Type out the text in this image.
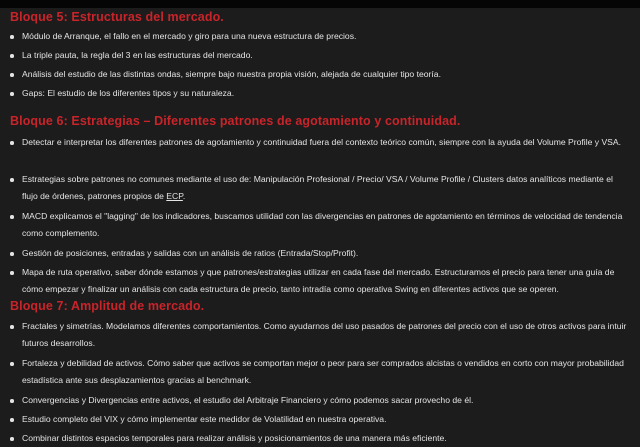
Bloque 5: Estructuras del mercado.

Módulo de Arranque, el fallo en el mercado y giro para una nueva estructura de precios.

La triple pauta, la regla del 3 en las estructuras del mercado.

Análisis del estudio de las distintas ondas, siempre bajo nuestra propia visión, alejada de cualquier tipo teoría.

Gaps: El estudio de los diferentes tipos y su naturaleza.

Bloque 6: Estrategias – Diferentes patrones de agotamiento y continuidad.

Detectar e interpretar los diferentes patrones de agotamiento y continuidad fuera del contexto teórico común, siempre con la ayuda del Volume Profile y VSA.

Estrategias sobre patrones no comunes mediante el uso de: Manipulación Profesional / Precio/ VSA / Volume Profile / Clusters datos analíticos mediante el flujo de órdenes, patrones propios de ECP.

MACD explicamos el "lagging" de los indicadores, buscamos utilidad con las divergencias en patrones de agotamiento en términos de velocidad de tendencia como complemento.

Gestión de posiciones, entradas y salidas con un análisis de ratios (Entrada/Stop/Profit).

Mapa de ruta operativo, saber dónde estamos y que patrones/estrategias utilizar en cada fase del mercado. Estructuramos el precio para tener una guía de cómo empezar y finalizar un análisis con cada estructura de precio, tanto intradía como operativa Swing en diferentes activos que se operen.

Bloque 7: Amplitud de mercado.

Fractales y simetrías. Modelamos diferentes comportamientos. Como ayudarnos del uso pasados de patrones del precio con el uso de otros activos para intuir futuros desarrollos.

Fortaleza y debilidad de activos. Cómo saber que activos se comportan mejor o peor para ser comprados alcistas o vendidos en corto con mayor probabilidad estadística ante sus desplazamientos gracias al benchmark.

Convergencias y Divergencias entre activos, el estudio del Arbitraje Financiero y cómo podemos sacar provecho de él.

Estudio completo del VIX y cómo implementar este medidor de Volatilidad en nuestra operativa.

Combinar distintos espacios temporales para realizar análisis y posicionamientos de una manera más eficiente.
